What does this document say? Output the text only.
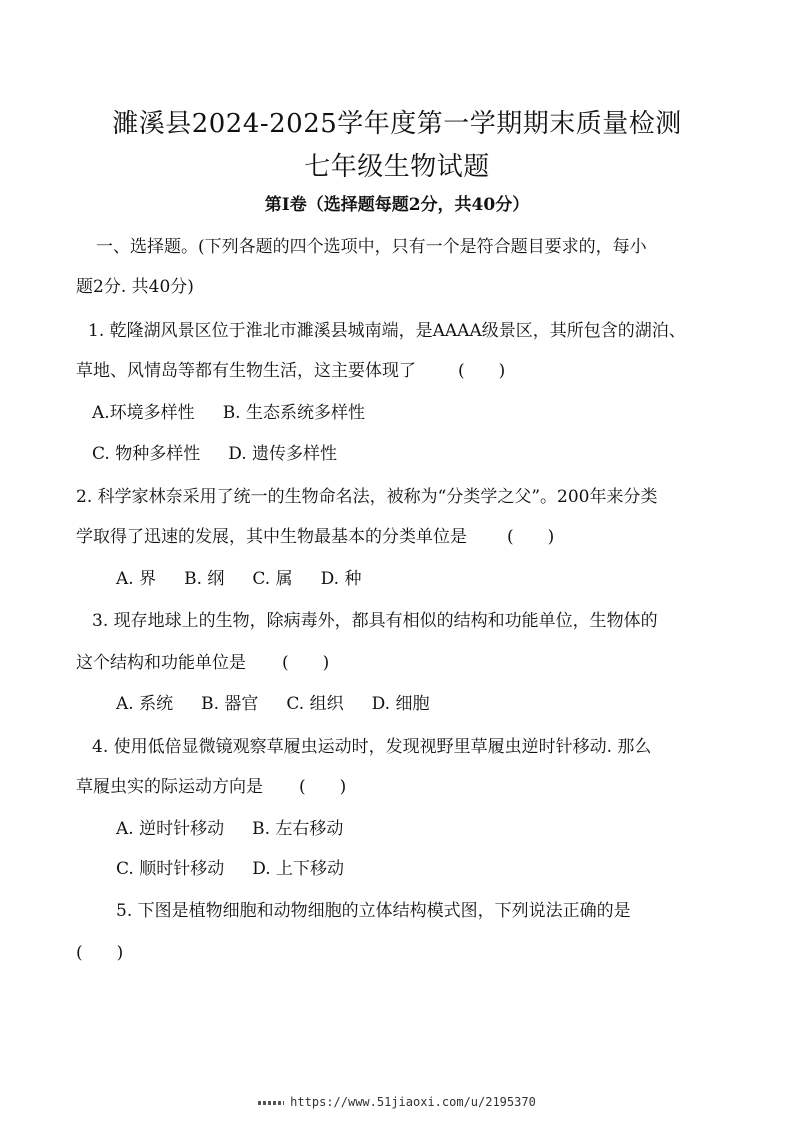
濉溪县2024-2025学年度第一学期期末质量检测
七年级生物试题
第Ⅰ卷（选择题每题2分，共40分）
一、选择题。(下列各题的四个选项中，只有一个是符合题目要求的，每小
题2分. 共40分)
1. 乾隆湖风景区位于淮北市濉溪县城南端，是AAAA级景区，其所包含的湖泊、
草地、风情岛等都有生物生活，这主要体现了 (　　)
A.环境多样性 B. 生态系统多样性
C. 物种多样性 D. 遗传多样性
2. 科学家林奈采用了统一的生物命名法，被称为“分类学之父”。200年来分类
学取得了迅速的发展，其中生物最基本的分类单位是 (　　)
A. 界 B. 纲 C. 属 D. 种
3. 现存地球上的生物，除病毒外，都具有相似的结构和功能单位，生物体的
这个结构和功能单位是 (　　)
A. 系统 B. 器官 C. 组织 D. 细胞
4. 使用低倍显微镜观察草履虫运动时，发现视野里草履虫逆时针移动. 那么
草履虫实的际运动方向是 (　　)
A. 逆时针移动 B. 左右移动
C. 顺时针移动 D. 上下移动
5. 下图是植物细胞和动物细胞的立体结构模式图，下列说法正确的是
(　　)
https://www.51jiaoxi.com/u/2195370
